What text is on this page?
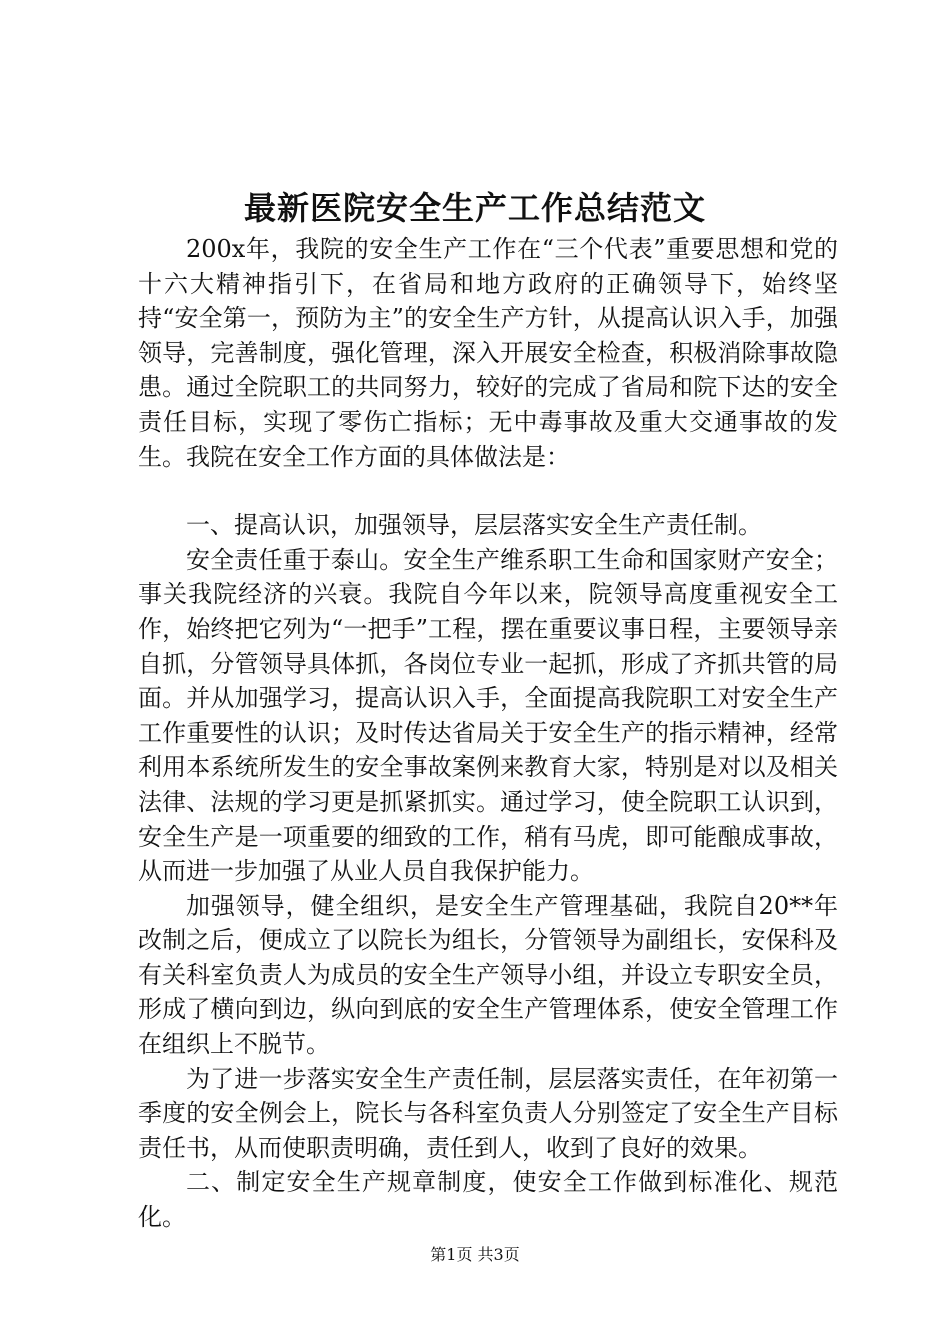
最新医院安全生产工作总结范文

200x年，我院的安全生产工作在“三个代表”重要思想和党的十六大精神指引下，在省局和地方政府的正确领导下，始终坚持“安全第一，预防为主”的安全生产方针，从提高认识入手，加强领导，完善制度，强化管理，深入开展安全检查，积极消除事故隐患。通过全院职工的共同努力，较好的完成了省局和院下达的安全责任目标，实现了零伤亡指标；无中毒事故及重大交通事故的发生。我院在安全工作方面的具体做法是：

一、提高认识，加强领导，层层落实安全生产责任制。

安全责任重于泰山。安全生产维系职工生命和国家财产安全；事关我院经济的兴衰。我院自今年以来，院领导高度重视安全工作，始终把它列为“一把手”工程，摆在重要议事日程，主要领导亲自抓，分管领导具体抓，各岗位专业一起抓，形成了齐抓共管的局面。并从加强学习，提高认识入手，全面提高我院职工对安全生产工作重要性的认识；及时传达省局关于安全生产的指示精神，经常利用本系统所发生的安全事故案例来教育大家，特别是对以及相关法律、法规的学习更是抓紧抓实。通过学习，使全院职工认识到，安全生产是一项重要的细致的工作，稍有马虎，即可能酿成事故，从而进一步加强了从业人员自我保护能力。

加强领导，健全组织，是安全生产管理基础，我院自20**年改制之后，便成立了以院长为组长，分管领导为副组长，安保科及有关科室负责人为成员的安全生产领导小组，并设立专职安全员，形成了横向到边，纵向到底的安全生产管理体系，使安全管理工作在组织上不脱节。

为了进一步落实安全生产责任制，层层落实责任，在年初第一季度的安全例会上，院长与各科室负责人分别签定了安全生产目标责任书，从而使职责明确，责任到人，收到了良好的效果。

二、制定安全生产规章制度，使安全工作做到标准化、规范化。

第1页 共3页
